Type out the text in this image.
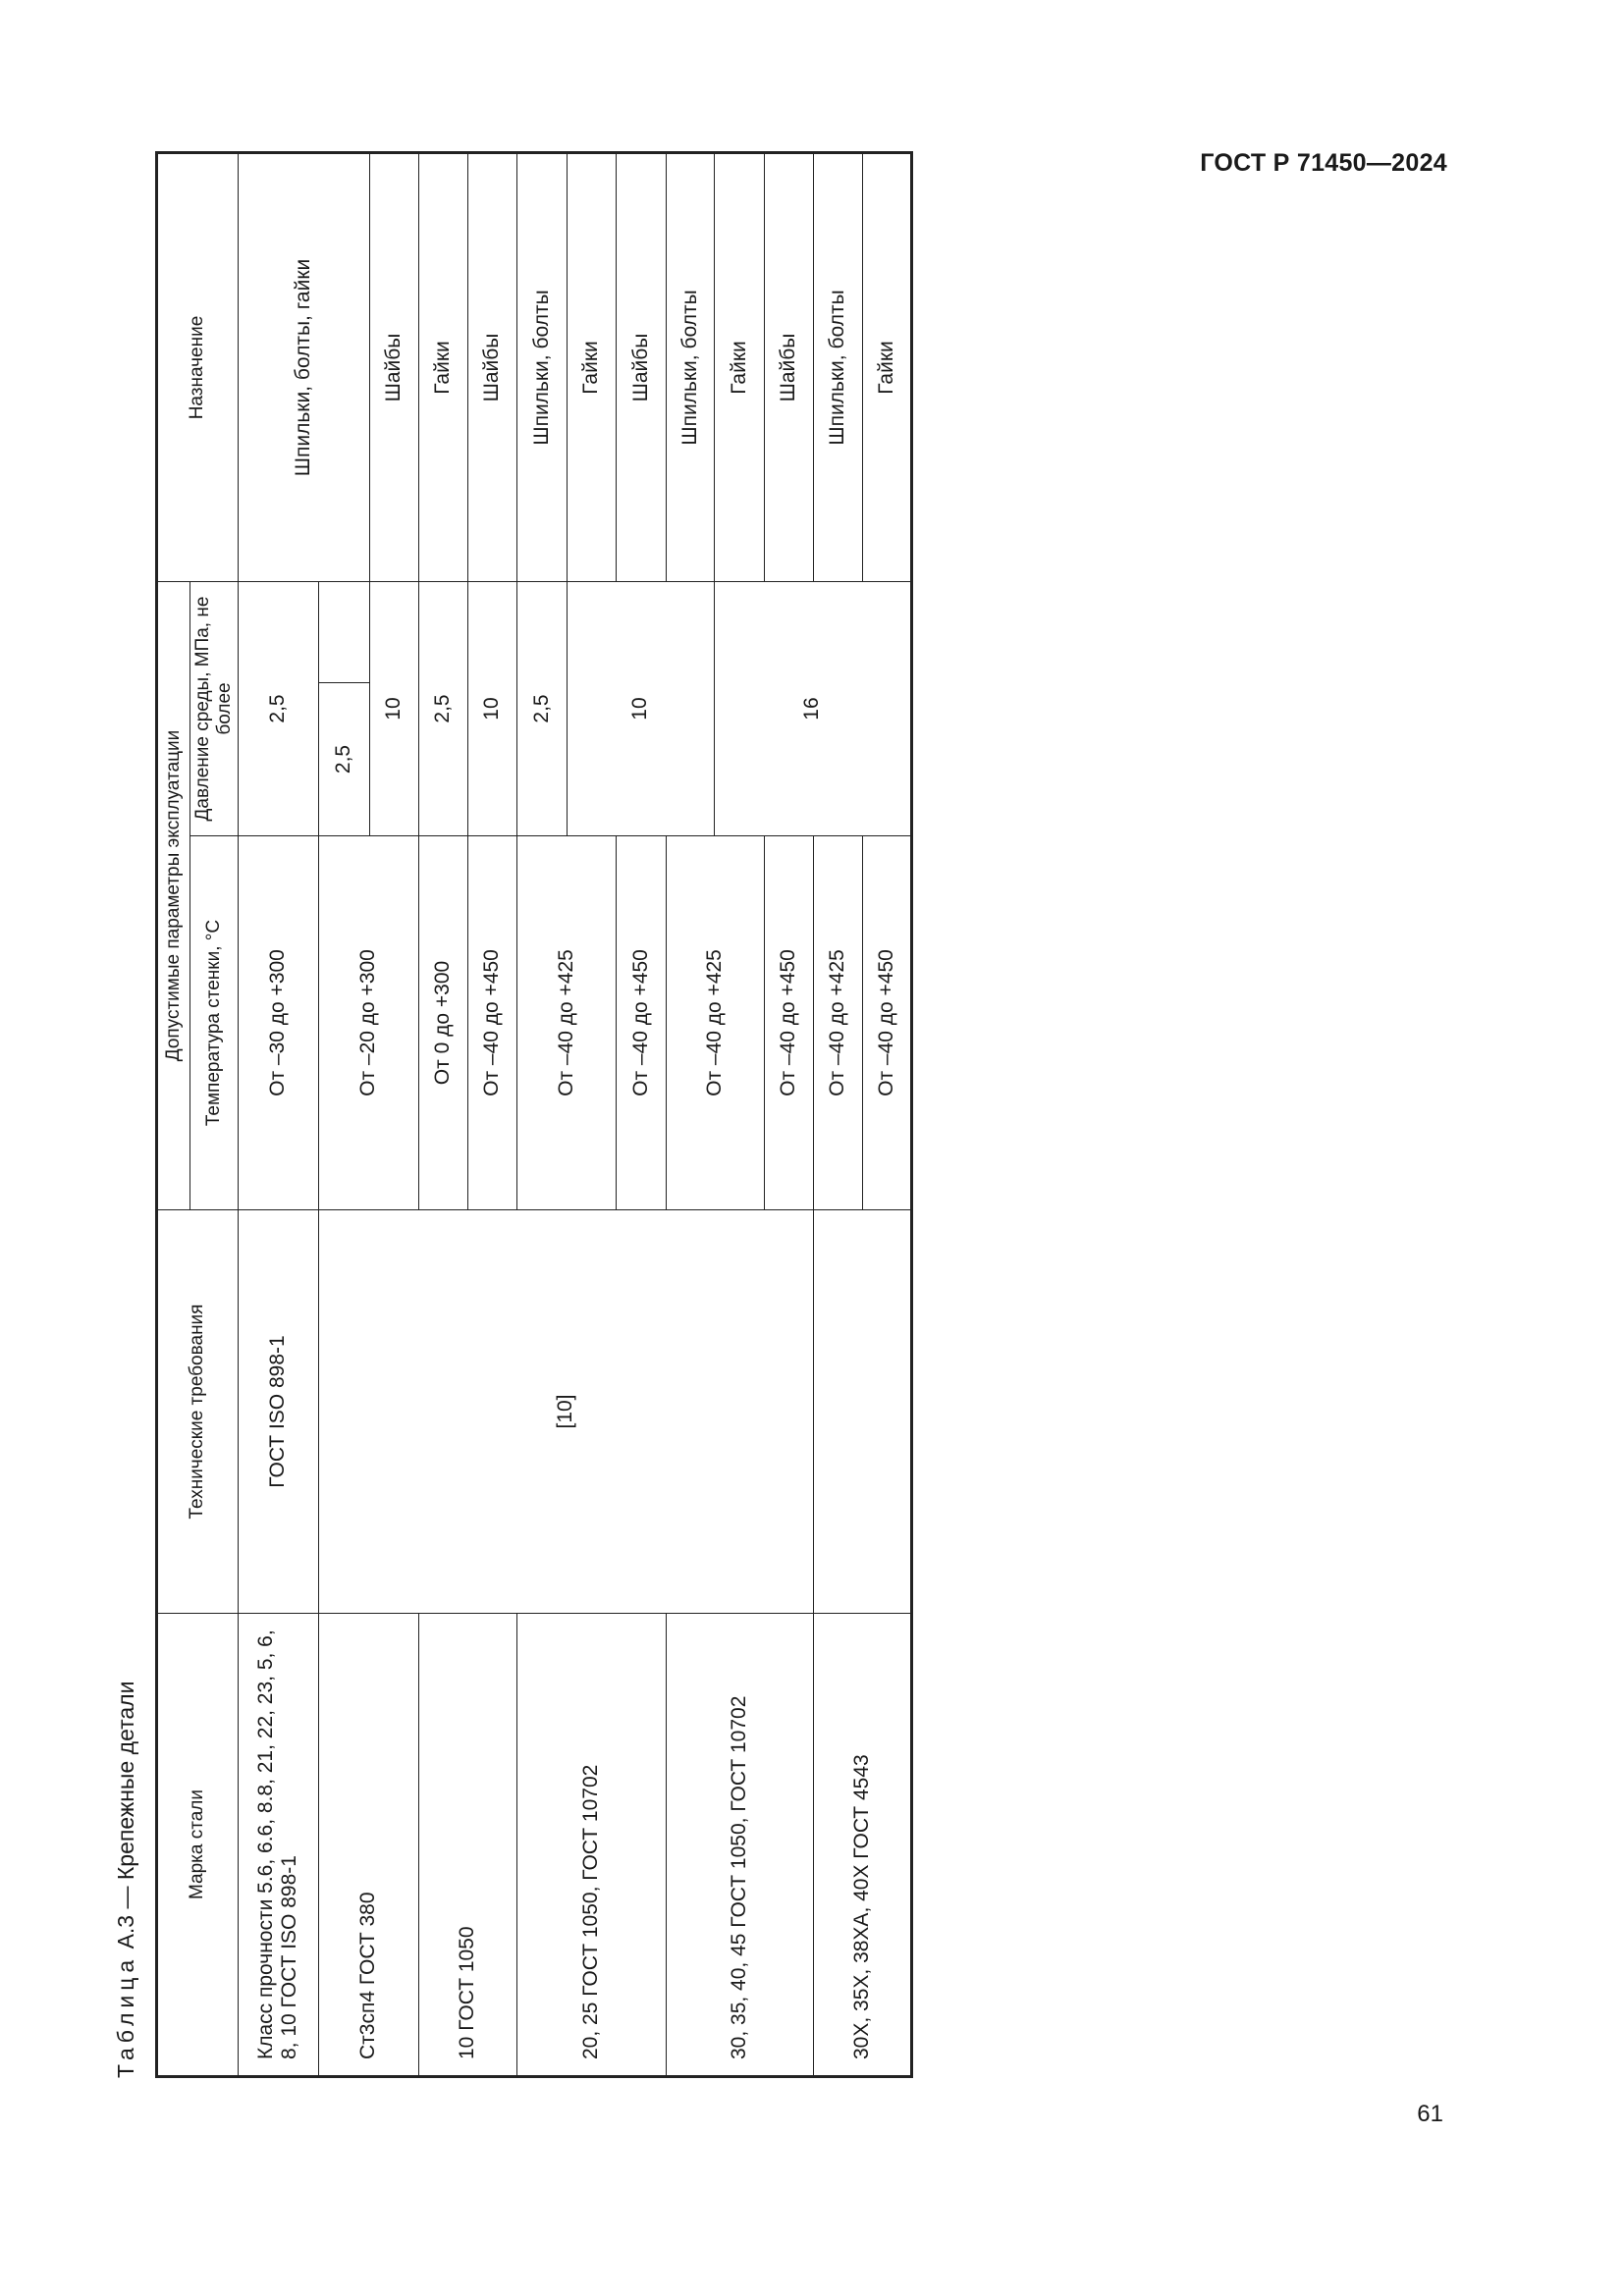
ГОСТ Р 71450—2024
Таблица А.3 — Крепежные детали	Марка стали	Технические требования	Допустимые параметры эксплуатации			Назначение
		Температура стенки, °С	Давление среды, МПа, не более		
Класс прочности 5.6, 6.6, 8.8, 21, 22, 23, 5, 6, 8, 10 ГОСТ ISO 898-1	ГОСТ ISO 898-1	От –30 до +300	2,5		Шпильки, болты, гайки
Ст3сп4 ГОСТ 380	[10]	От –20 до +300	2,5		
			10		Шайбы
10 ГОСТ 1050		От 0 до +300	2,5		Гайки
		От –40 до +450	10		Шайбы
20, 25 ГОСТ 1050, ГОСТ 10702		От –40 до +425	2,5		Шпильки, болты
			10		Гайки
		От –40 до +450			Шайбы
30, 35, 40, 45 ГОСТ 1050, ГОСТ 10702		От –40 до +425			Шпильки, болты
			16		Гайки
		От –40 до +450			Шайбы
30Х, 35Х, 38ХА, 40Х ГОСТ 4543		От –40 до +425			Шпильки, болты
		От –40 до +450			Гайки
61
